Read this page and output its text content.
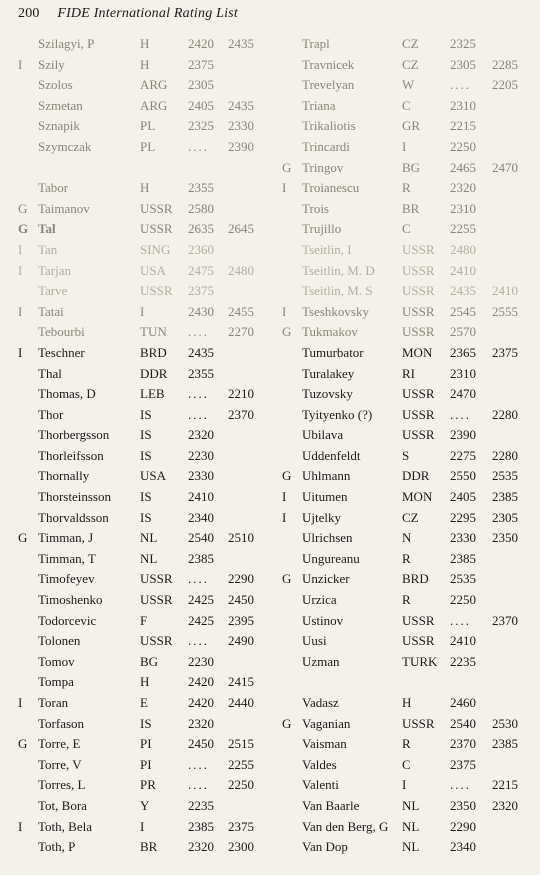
200 FIDE International Rating List
Szilagyi, P	H	2420 2435
I Szily	H	2375
Szolos	ARG 2305
Szmetan	ARG 2405 2435
Sznapik	PL	2325 2330
Szymczak	PL	.... 2390
Tabor	H	2355
G Taimanov	USSR 2580
G Tal	USSR 2635 2645
I Tan	SING 2360
I Tarjan	USA 2475 2480
Tarve	USSR 2375
I Tatai	I	2430 2455
Tebourbi	TUN .... 2270
I Teschner	BRD 2435
Thal	DDR 2355
Thomas, D	LEB .... 2210
Thor	IS	.... 2370
Thorbergsson IS	2320
Thorleifsson	IS	2230
Thornally	USA 2330
Thorsteinsson IS	2410
Thorvaldsson IS	2340
G Timman, J	NL 2540 2510
Timman, T	NL 2385
Timofeyev	USSR .... 2290
Timoshenko	USSR 2425 2450
Todorcevic	F	2425 2395
Tolonen	USSR .... 2490
Tomov	BG 2230
Tompa	H	2420 2415
I Toran	E	2420 2440
Torfason	IS	2320
G Torre, E	PI	2450 2515
Torre, V	PI	.... 2255
Torres, L	PR .... 2250
Tot, Bora	Y	2235
I Toth, Bela	I	2385 2375
Toth, P	BR 2320 2300
Trapl	CZ 2325
Travnicek	CZ 2305 2285
Trevelyan	W	.... 2205
Triana	C	2310
Trikaliotis	GR 2215
Trincardi	I	2250
G Tringov	BG 2465 2470
I Troianescu	R	2320
Trois	BR 2310
Trujillo	C	2255
Tseitlin, I	USSR 2480
Tseitlin, M. D USSR 2410
Tseitlin, M. S USSR 2435 2410
I Tseshkovsky	USSR 2545 2555
G Tukmakov	USSR 2570
Tumurbator	MON 2365 2375
Turalakey	RI	2310
Tuzovsky	USSR 2470
Tyityenko (?) USSR .... 2280
Ubilava	USSR 2390
Uddenfeldt	S	2275 2280
G Uhlmann	DDR 2550 2535
I Uitumen	MON 2405 2385
I Ujtelky	CZ 2295 2305
Ulrichsen	N	2330 2350
Ungureanu	R	2385
G Unzicker	BRD 2535
Urzica	R	2250
Ustinov	USSR .... 2370
Uusi	USSR 2410
Uzman	TURK 2235
Vadasz	H	2460
G Vaganian	USSR 2540 2530
Vaisman	R	2370 2385
Valdes	C	2375
Valenti	I	.... 2215
Van Baarle	NL 2350 2320
Van den Berg, G NL 2290
Van Dop	NL 2340
